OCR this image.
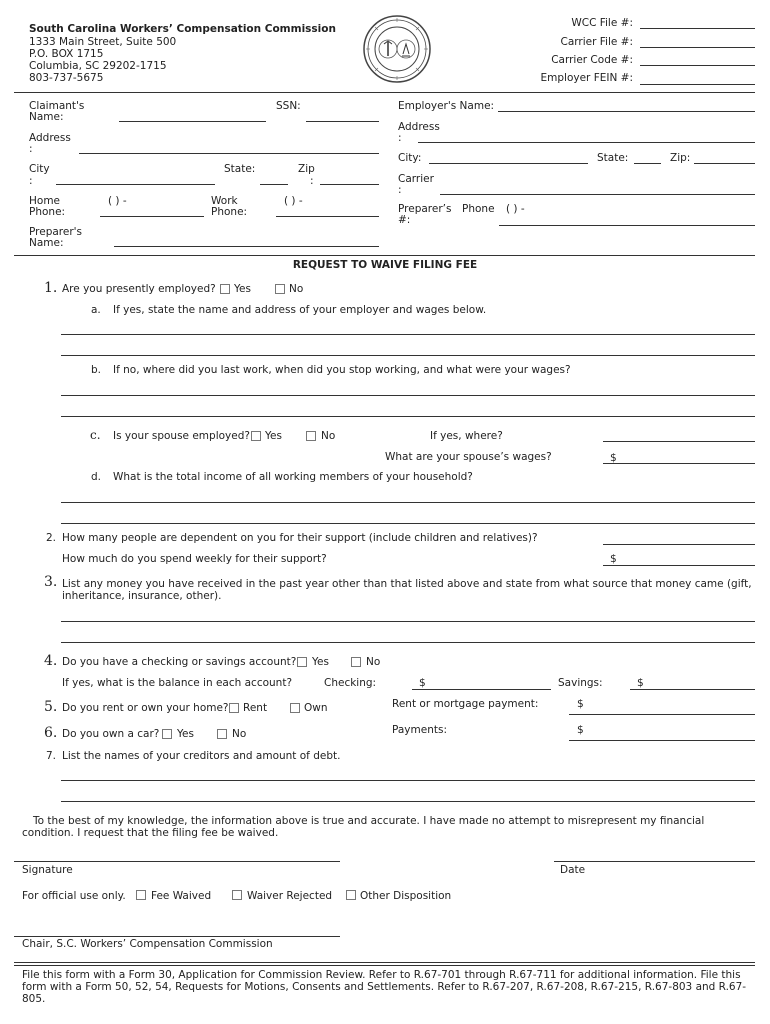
South Carolina Workers’ Compensation Commission
1333 Main Street, Suite 500
P.O. BOX 1715
Columbia, SC 29202-1715
803-737-5675
WCC File #:
Carrier File #:
Carrier Code #:
Employer FEIN #:
Claimant's
Name:
SSN:
Address
:
City
:
State:	Zip
:
Home
Phone:
( ) -	Work
Phone:
( ) -
Preparer's
Name:
Employer's Name:
Address
:
City:	State:	Zip:
Carrier
:
Preparer’s
#:
Phone ( ) -
REQUEST TO WAIVE FILING FEE
1. Are you presently employed? Yes	No
a. If yes, state the name and address of your employer and wages below.
b. If no, where did you last work, when did you stop working, and what were your wages?
c. Is your spouse employed? Yes	No	If yes, where?
What are your spouse’s wages?	$
d. What is the total income of all working members of your household?
2. How many people are dependent on you for their support (include children and relatives)?
How much do you spend weekly for their support?	$
3. List any money you have received in the past year other than that listed above and state from what source that money came (gift, inheritance, insurance, other).
4. Do you have a checking or savings account? Yes	No
If yes, what is the balance in each account?	Checking:	$	Savings:	$
5. Do you rent or own your home? Rent	Own	Rent or mortgage payment:	$
6. Do you own a car? Yes	No	Payments:	$
7. List the names of your creditors and amount of debt.
To the best of my knowledge, the information above is true and accurate. I have made no attempt to misrepresent my financial condition. I request that the filing fee be waived.
Signature	Date
For official use only. Fee Waived	Waiver Rejected	Other Disposition
Chair, S.C. Workers’ Compensation Commission
File this form with a Form 30, Application for Commission Review. Refer to R.67-701 through R.67-711 for additional information. File this form with a Form 50, 52, 54, Requests for Motions, Consents and Settlements. Refer to R.67-207, R.67-208, R.67-215, R.67-803 and R.67-805.
